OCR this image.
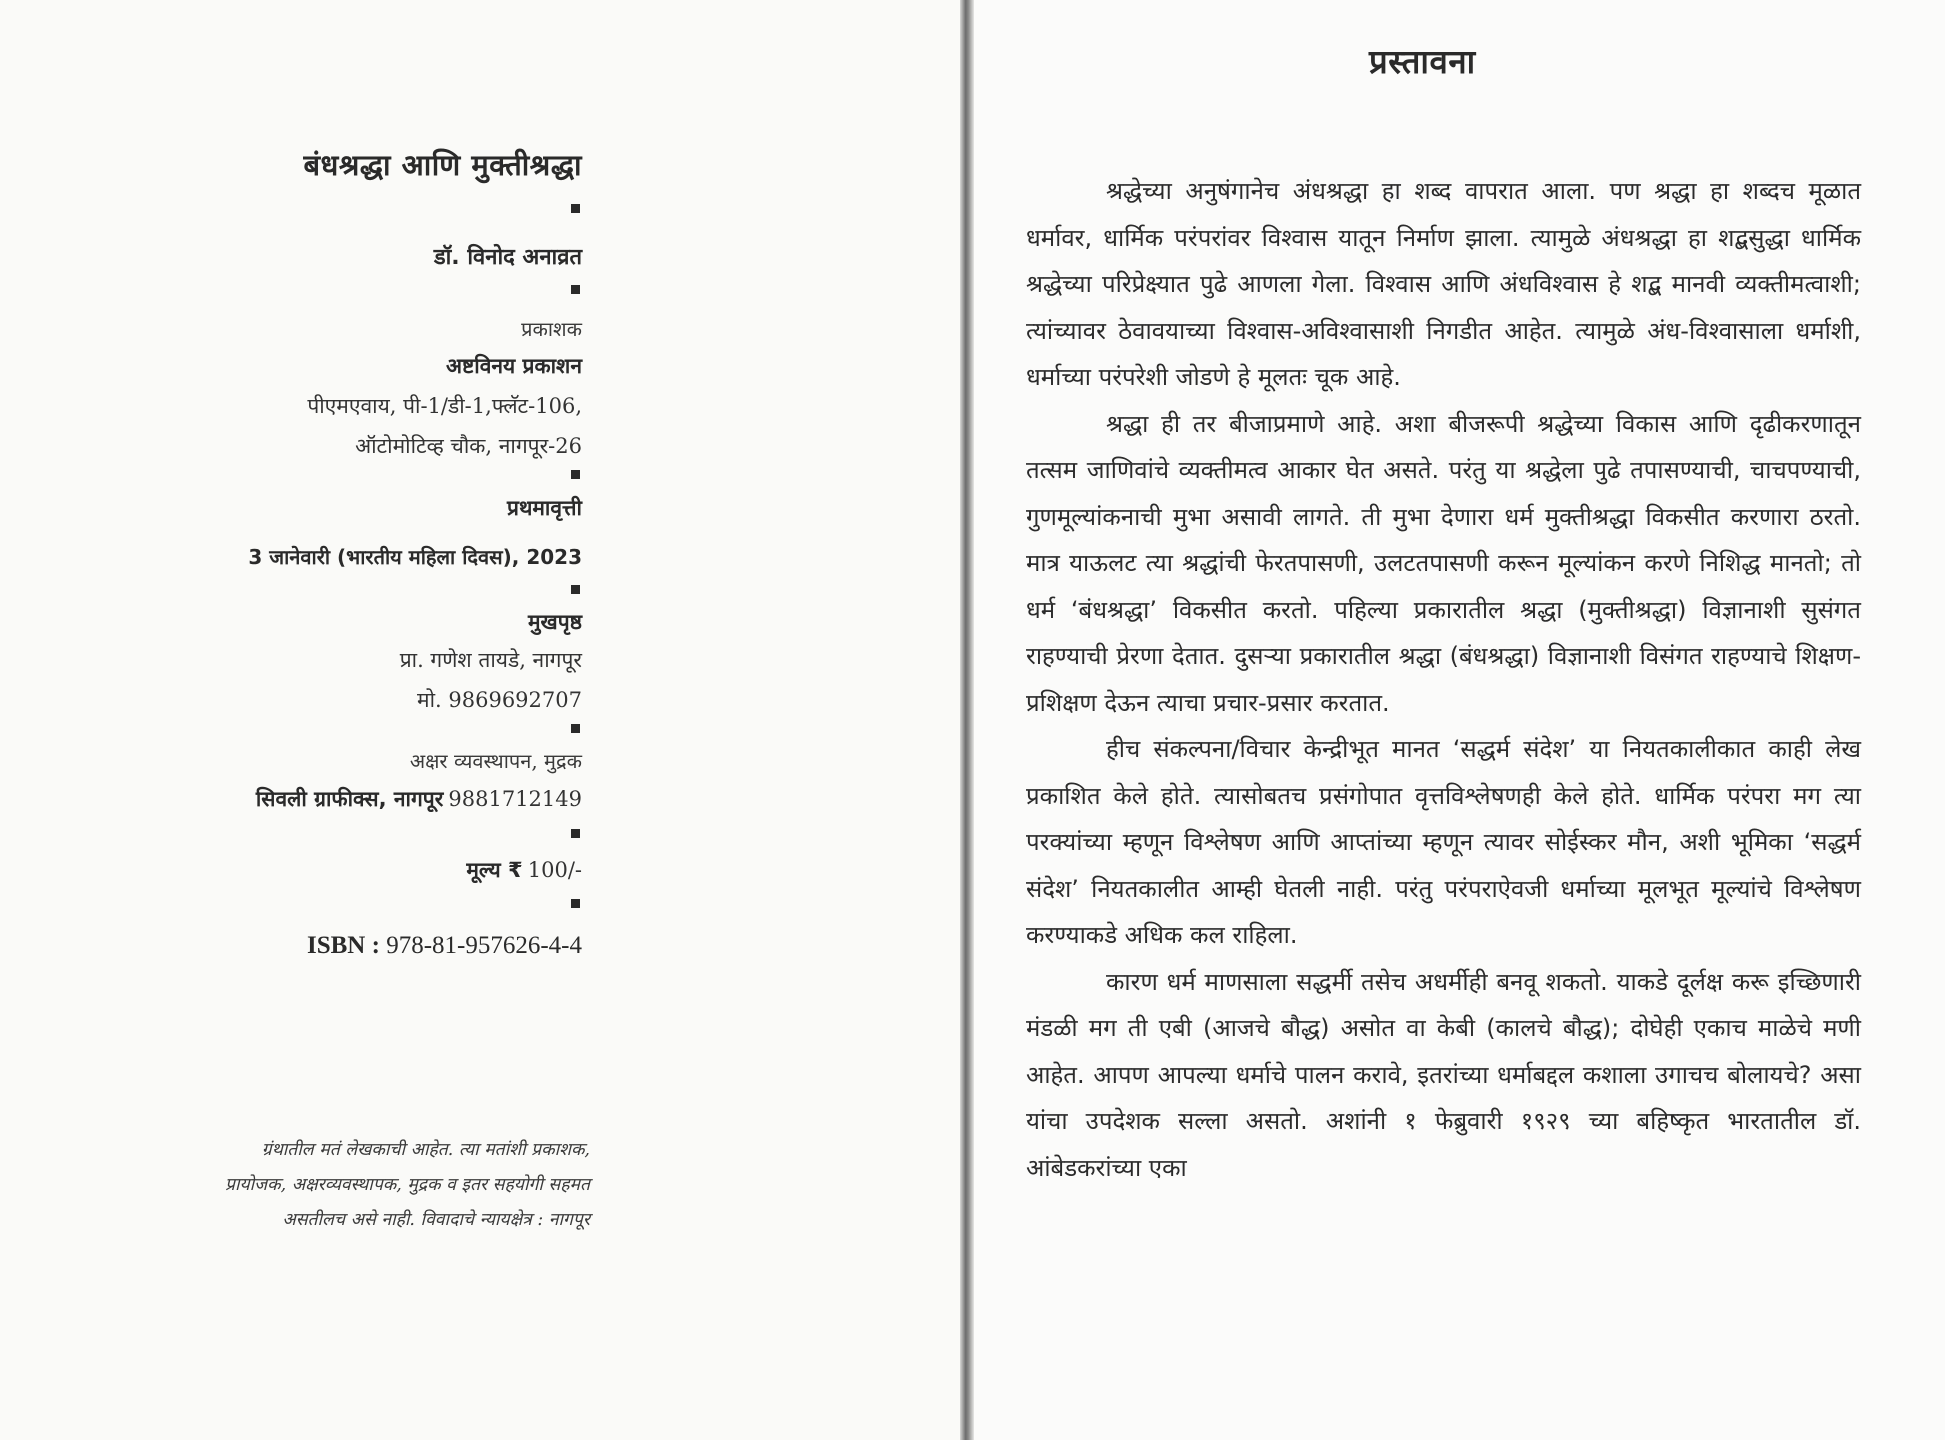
बंधश्रद्धा आणि मुक्तीश्रद्धा
डॉ. विनोद अनाव्रत
प्रकाशक
अष्टविनय प्रकाशन
पीएमएवाय, पी-1/डी-1,फ्लॅट-106,
ऑटोमोटिव्ह चौक, नागपूर-26
प्रथमावृत्ती
3 जानेवारी (भारतीय महिला दिवस), 2023
मुखपृष्ठ
प्रा. गणेश तायडे, नागपूर
मो. 9869692707
अक्षर व्यवस्थापन, मुद्रक
सिवली ग्राफीक्स, नागपूर 9881712149
मूल्य ₹ 100/-
ISBN : 978-81-957626-4-4
ग्रंथातील मतं लेखकाची आहेत. त्या मतांशी प्रकाशक,
प्रायोजक, अक्षरव्यवस्थापक, मुद्रक व इतर सहयोगी सहमत
असतीलच असे नाही. विवादाचे न्यायक्षेत्र : नागपूर
प्रस्तावना

श्रद्धेच्या अनुषंगानेच अंधश्रद्धा हा शब्द वापरात आला. पण श्रद्धा हा शब्दच मूळात धर्मावर, धार्मिक परंपरांवर विश्वास यातून निर्माण झाला. त्यामुळे अंधश्रद्धा हा शद्बसुद्धा धार्मिक श्रद्धेच्या परिप्रेक्ष्यात पुढे आणला गेला. विश्वास आणि अंधविश्वास हे शद्ब मानवी व्यक्तीमत्वाशी; त्यांच्यावर ठेवावयाच्या विश्वास-अविश्वासाशी निगडीत आहेत. त्यामुळे अंध-विश्वासाला धर्माशी, धर्माच्या परंपरेशी जोडणे हे मूलतः चूक आहे.

श्रद्धा ही तर बीजाप्रमाणे आहे. अशा बीजरूपी श्रद्धेच्या विकास आणि दृढीकरणातून तत्सम जाणिवांचे व्यक्तीमत्व आकार घेत असते. परंतु या श्रद्धेला पुढे तपासण्याची, चाचपण्याची, गुणमूल्यांकनाची मुभा असावी लागते. ती मुभा देणारा धर्म मुक्तीश्रद्धा विकसीत करणारा ठरतो. मात्र याऊलट त्या श्रद्धांची फेरतपासणी, उलटतपासणी करून मूल्यांकन करणे निशिद्ध मानतो; तो धर्म ‘बंधश्रद्धा’ विकसीत करतो. पहिल्या प्रकारातील श्रद्धा (मुक्तीश्रद्धा) विज्ञानाशी सुसंगत राहण्याची प्रेरणा देतात. दुसऱ्या प्रकारातील श्रद्धा (बंधश्रद्धा) विज्ञानाशी विसंगत राहण्याचे शिक्षण-प्रशिक्षण देऊन त्याचा प्रचार-प्रसार करतात.

हीच संकल्पना/विचार केन्द्रीभूत मानत ‘सद्धर्म संदेश’ या नियतकालीकात काही लेख प्रकाशित केले होते. त्यासोबतच प्रसंगोपात वृत्तविश्लेषणही केले होते. धार्मिक परंपरा मग त्या परक्यांच्या म्हणून विश्लेषण आणि आप्तांच्या म्हणून त्यावर सोईस्कर मौन, अशी भूमिका ‘सद्धर्म संदेश’ नियतकालीत आम्ही घेतली नाही. परंतु परंपराऐवजी धर्माच्या मूलभूत मूल्यांचे विश्लेषण करण्याकडे अधिक कल राहिला.

कारण धर्म माणसाला सद्धर्मी तसेच अधर्मीही बनवू शकतो. याकडे दूर्लक्ष करू इच्छिणारी मंडळी मग ती एबी (आजचे बौद्ध) असोत वा केबी (कालचे बौद्ध); दोघेही एकाच माळेचे मणी आहेत. आपण आपल्या धर्माचे पालन करावे, इतरांच्या धर्माबद्दल कशाला उगाचच बोलायचे? असा यांचा उपदेशक सल्ला असतो. अशांनी १ फेब्रुवारी १९२९ च्या बहिष्कृत भारतातील डॉ. आंबेडकरांच्या एका
